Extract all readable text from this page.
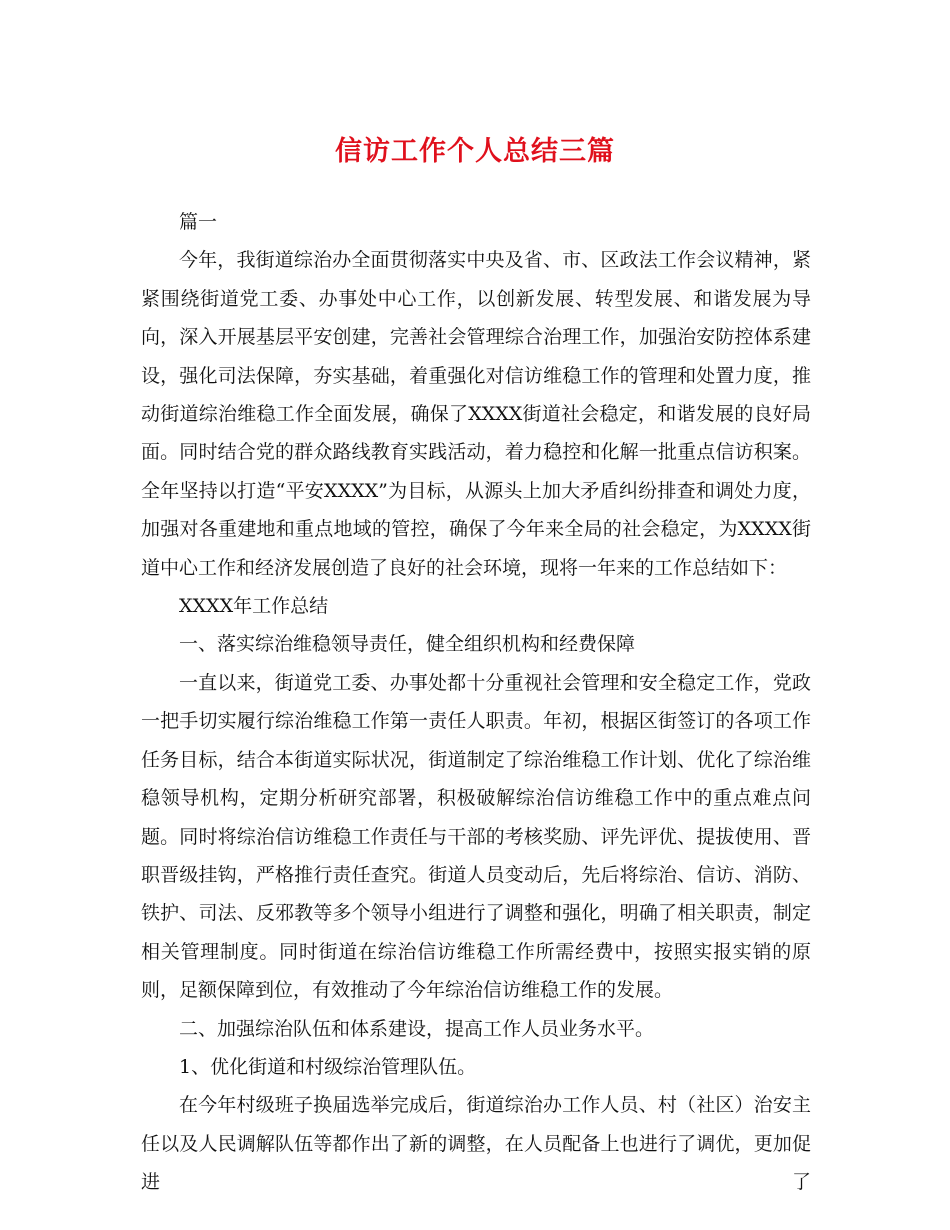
信访工作个人总结三篇

篇一

今年，我街道综治办全面贯彻落实中央及省、市、区政法工作会议精神，紧紧围绕街道党工委、办事处中心工作，以创新发展、转型发展、和谐发展为导向，深入开展基层平安创建，完善社会管理综合治理工作，加强治安防控体系建设，强化司法保障，夯实基础，着重强化对信访维稳工作的管理和处置力度，推动街道综治维稳工作全面发展，确保了XXXX街道社会稳定，和谐发展的良好局面。同时结合党的群众路线教育实践活动，着力稳控和化解一批重点信访积案。全年坚持以打造“平安XXXX”为目标，从源头上加大矛盾纠纷排查和调处力度，加强对各重建地和重点地域的管控，确保了今年来全局的社会稳定，为XXXX街道中心工作和经济发展创造了良好的社会环境，现将一年来的工作总结如下：

XXXX年工作总结

一、落实综治维稳领导责任，健全组织机构和经费保障

一直以来，街道党工委、办事处都十分重视社会管理和安全稳定工作，党政一把手切实履行综治维稳工作第一责任人职责。年初，根据区街签订的各项工作任务目标，结合本街道实际状况，街道制定了综治维稳工作计划、优化了综治维稳领导机构，定期分析研究部署，积极破解综治信访维稳工作中的重点难点问题。同时将综治信访维稳工作责任与干部的考核奖励、评先评优、提拔使用、晋职晋级挂钩，严格推行责任查究。街道人员变动后，先后将综治、信访、消防、铁护、司法、反邪教等多个领导小组进行了调整和强化，明确了相关职责，制定相关管理制度。同时街道在综治信访维稳工作所需经费中，按照实报实销的原则，足额保障到位，有效推动了今年综治信访维稳工作的发展。

二、加强综治队伍和体系建设，提高工作人员业务水平。

1、优化街道和村级综治管理队伍。

在今年村级班子换届选举完成后，街道综治办工作人员、村（社区）治安主任以及人民调解队伍等都作出了新的调整，在人员配备上也进行了调优，更加促进了
